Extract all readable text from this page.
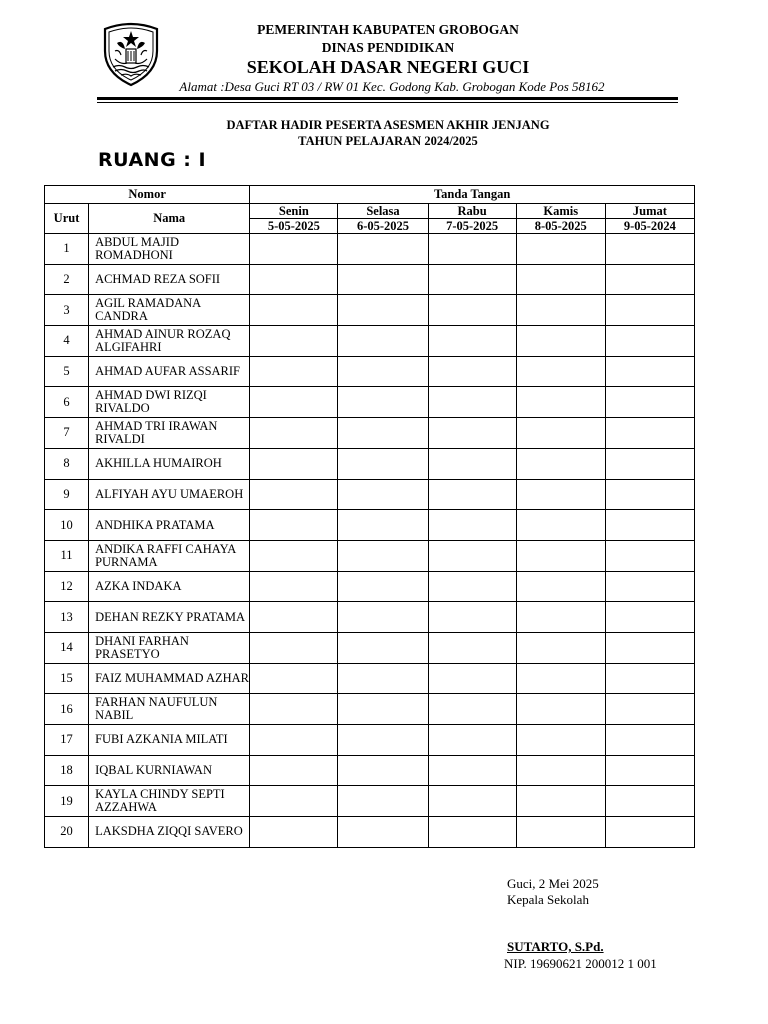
PEMERINTAH KABUPATEN GROBOGAN
DINAS PENDIDIKAN
SEKOLAH DASAR NEGERI GUCI
Alamat :Desa Guci RT 03 / RW 01 Kec. Godong Kab. Grobogan Kode Pos 58162
DAFTAR HADIR PESERTA ASESMEN AKHIR JENJANG
TAHUN PELAJARAN 2024/2025
RUANG : I
Nomor		Tanda Tangan				
Urut	Nama	Senin	Selasa	Rabu	Kamis	Jumat
		5-05-2025	6-05-2025	7-05-2025	8-05-2025	9-05-2024
1	ABDUL MAJID ROMADHONI					
2	ACHMAD REZA SOFII					
3	AGIL RAMADANA CANDRA					
4	AHMAD AINUR ROZAQ ALGIFAHRI					
5	AHMAD AUFAR ASSARIF					
6	AHMAD DWI RIZQI RIVALDO					
7	AHMAD TRI IRAWAN RIVALDI					
8	AKHILLA HUMAIROH					
9	ALFIYAH AYU UMAEROH					
10	ANDHIKA PRATAMA					
11	ANDIKA RAFFI CAHAYA PURNAMA					
12	AZKA INDAKA					
13	DEHAN REZKY PRATAMA					
14	DHANI FARHAN PRASETYO					
15	FAIZ MUHAMMAD AZHAR					
16	FARHAN NAUFULUN NABIL					
17	FUBI AZKANIA MILATI					
18	IQBAL KURNIAWAN					
19	KAYLA CHINDY SEPTI AZZAHWA					
20	LAKSDHA ZIQQI SAVERO					
Guci, 2 Mei 2025
Kepala Sekolah
SUTARTO, S.Pd.
NIP. 19690621 200012 1 001
